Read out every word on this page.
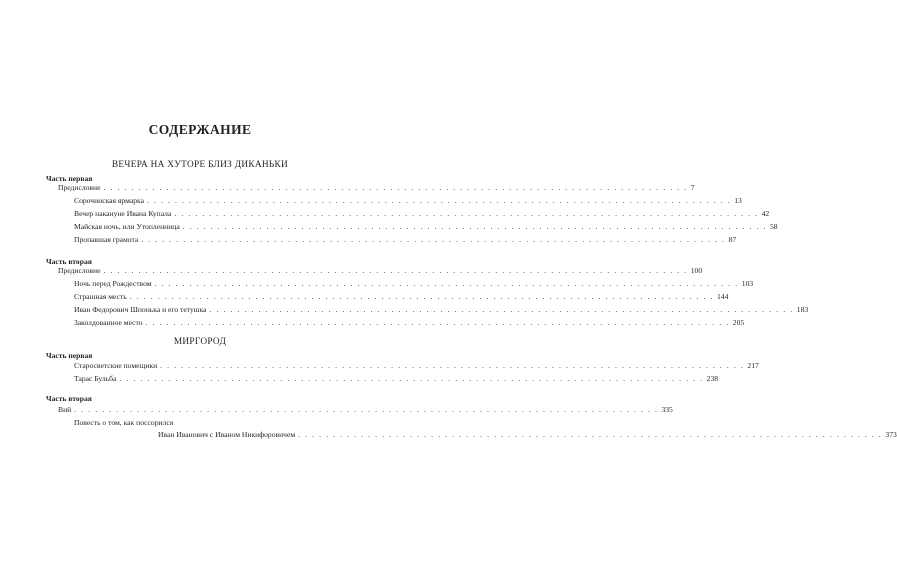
СОДЕРЖАНИЕ
ВЕЧЕРА НА ХУТОРЕ БЛИЗ ДИКАНЬКИ
Часть первая
Предисловие . . . . . . . . . . . . . . . . . . . . . . . . . . . . . . . . . . . . . . . . . . . . . . . . . . . . . . . . . . . . . . . . . . . . . . . . . . . . . . . . . . . . 7
Сорочинская ярмарка . . . . . . . . . . . . . . . . . . . . . . . . . . . . . . . . . . . . . . . . . . . . . . . . . . . . . . . . . . . . . . . . . . . . . . . . . . . . . . . . . . . . 13
Вечер накануне Ивана Купала . . . . . . . . . . . . . . . . . . . . . . . . . . . . . . . . . . . . . . . . . . . . . . . . . . . . . . . . . . . . . . . . . . . . . . . . . . . . . . . . . . . . 42
Майская ночь, или Утопленница . . . . . . . . . . . . . . . . . . . . . . . . . . . . . . . . . . . . . . . . . . . . . . . . . . . . . . . . . . . . . . . . . . . . . . . . . . . . . . . . . . . . 58
Пропавшая грамота . . . . . . . . . . . . . . . . . . . . . . . . . . . . . . . . . . . . . . . . . . . . . . . . . . . . . . . . . . . . . . . . . . . . . . . . . . . . . . . . . . . . 87
Часть вторая
Предисловие . . . . . . . . . . . . . . . . . . . . . . . . . . . . . . . . . . . . . . . . . . . . . . . . . . . . . . . . . . . . . . . . . . . . . . . . . . . . . . . . . . . . 100
Ночь перед Рождеством . . . . . . . . . . . . . . . . . . . . . . . . . . . . . . . . . . . . . . . . . . . . . . . . . . . . . . . . . . . . . . . . . . . . . . . . . . . . . . . . . . . . 103
Страшная месть . . . . . . . . . . . . . . . . . . . . . . . . . . . . . . . . . . . . . . . . . . . . . . . . . . . . . . . . . . . . . . . . . . . . . . . . . . . . . . . . . . . . 144
Иван Федорович Шпонька и его тетушка . . . . . . . . . . . . . . . . . . . . . . . . . . . . . . . . . . . . . . . . . . . . . . . . . . . . . . . . . . . . . . . . . . . . . . . . . . . . . . . . . . . . 183
Заколдованное место . . . . . . . . . . . . . . . . . . . . . . . . . . . . . . . . . . . . . . . . . . . . . . . . . . . . . . . . . . . . . . . . . . . . . . . . . . . . . . . . . . . . 205
МИРГОРОД
Часть первая
Старосветские помещики . . . . . . . . . . . . . . . . . . . . . . . . . . . . . . . . . . . . . . . . . . . . . . . . . . . . . . . . . . . . . . . . . . . . . . . . . . . . . . . . . . . . 217
Тарас Бульба . . . . . . . . . . . . . . . . . . . . . . . . . . . . . . . . . . . . . . . . . . . . . . . . . . . . . . . . . . . . . . . . . . . . . . . . . . . . . . . . . . . . 238
Часть вторая
Вий . . . . . . . . . . . . . . . . . . . . . . . . . . . . . . . . . . . . . . . . . . . . . . . . . . . . . . . . . . . . . . . . . . . . . . . . . . . . . . . . . . . . 335
Повесть о том, как поссорился
Иван Иванович с Иваном Никифоровичем . . . . . . . . . . . . . . . . . . . . . . . . . . . . . . . . . . . . . . . . . . . . . . . . . . . . . . . . . . . . . . . . . . . . . . . . . . . . . . . . . . . . 373
